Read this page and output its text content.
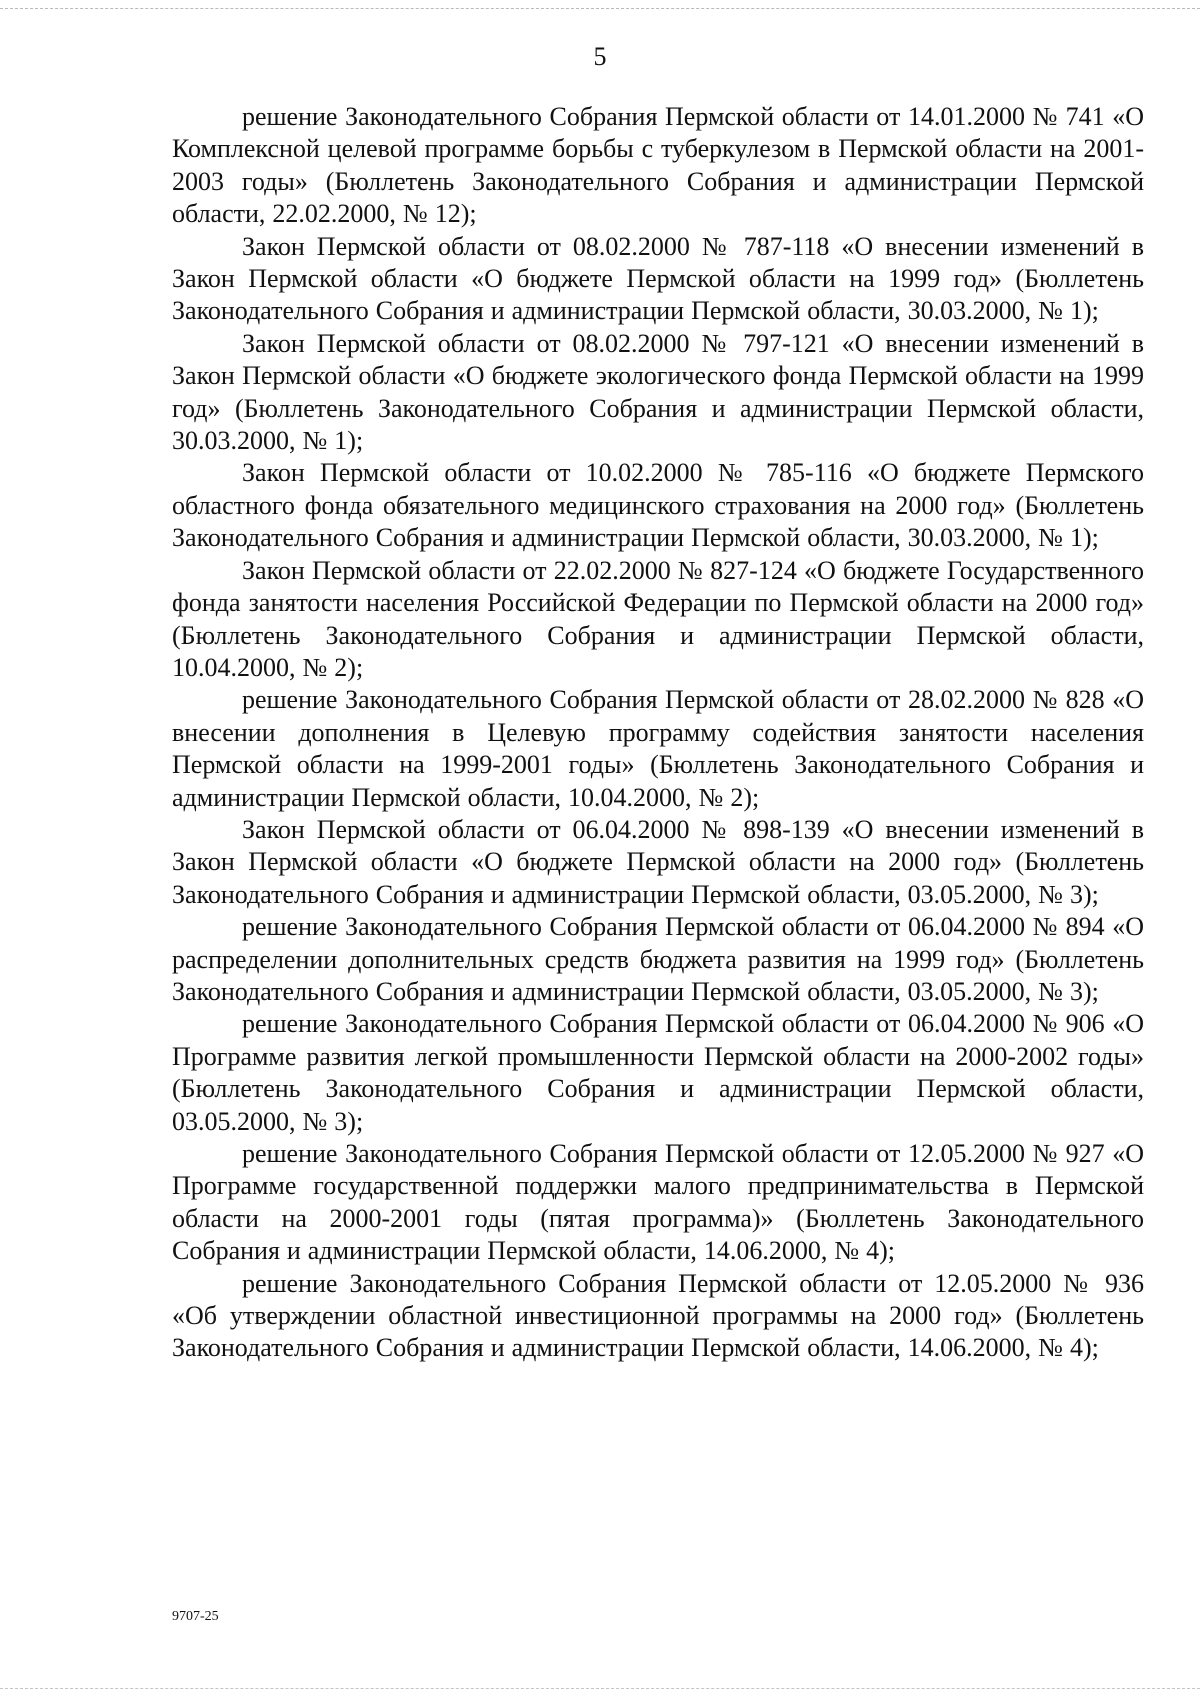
5

решение Законодательного Собрания Пермской области от 14.01.2000 № 741 «О Комплексной целевой программе борьбы с туберкулезом в Пермской области на 2001-2003 годы» (Бюллетень Законодательного Собрания и администрации Пермской области, 22.02.2000, № 12);

Закон Пермской области от 08.02.2000 № 787-118 «О внесении изменений в Закон Пермской области «О бюджете Пермской области на 1999 год» (Бюллетень Законодательного Собрания и администрации Пермской области, 30.03.2000, № 1);

Закон Пермской области от 08.02.2000 № 797-121 «О внесении изменений в Закон Пермской области «О бюджете экологического фонда Пермской области на 1999 год» (Бюллетень Законодательного Собрания и администрации Пермской области, 30.03.2000, № 1);

Закон Пермской области от 10.02.2000 № 785-116 «О бюджете Пермского областного фонда обязательного медицинского страхования на 2000 год» (Бюллетень Законодательного Собрания и администрации Пермской области, 30.03.2000, № 1);

Закон Пермской области от 22.02.2000 № 827-124 «О бюджете Государственного фонда занятости населения Российской Федерации по Пермской области на 2000 год» (Бюллетень Законодательного Собрания и администрации Пермской области, 10.04.2000, № 2);

решение Законодательного Собрания Пермской области от 28.02.2000 № 828 «О внесении дополнения в Целевую программу содействия занятости населения Пермской области на 1999-2001 годы» (Бюллетень Законодательного Собрания и администрации Пермской области, 10.04.2000, № 2);

Закон Пермской области от 06.04.2000 № 898-139 «О внесении изменений в Закон Пермской области «О бюджете Пермской области на 2000 год» (Бюллетень Законодательного Собрания и администрации Пермской области, 03.05.2000, № 3);

решение Законодательного Собрания Пермской области от 06.04.2000 № 894 «О распределении дополнительных средств бюджета развития на 1999 год» (Бюллетень Законодательного Собрания и администрации Пермской области, 03.05.2000, № 3);

решение Законодательного Собрания Пермской области от 06.04.2000 № 906 «О Программе развития легкой промышленности Пермской области на 2000-2002 годы» (Бюллетень Законодательного Собрания и администрации Пермской области, 03.05.2000, № 3);

решение Законодательного Собрания Пермской области от 12.05.2000 № 927 «О Программе государственной поддержки малого предпринимательства в Пермской области на 2000-2001 годы (пятая программа)» (Бюллетень Законодательного Собрания и администрации Пермской области, 14.06.2000, № 4);

решение Законодательного Собрания Пермской области от 12.05.2000 № 936 «Об утверждении областной инвестиционной программы на 2000 год» (Бюллетень Законодательного Собрания и администрации Пермской области, 14.06.2000, № 4);

9707-25
